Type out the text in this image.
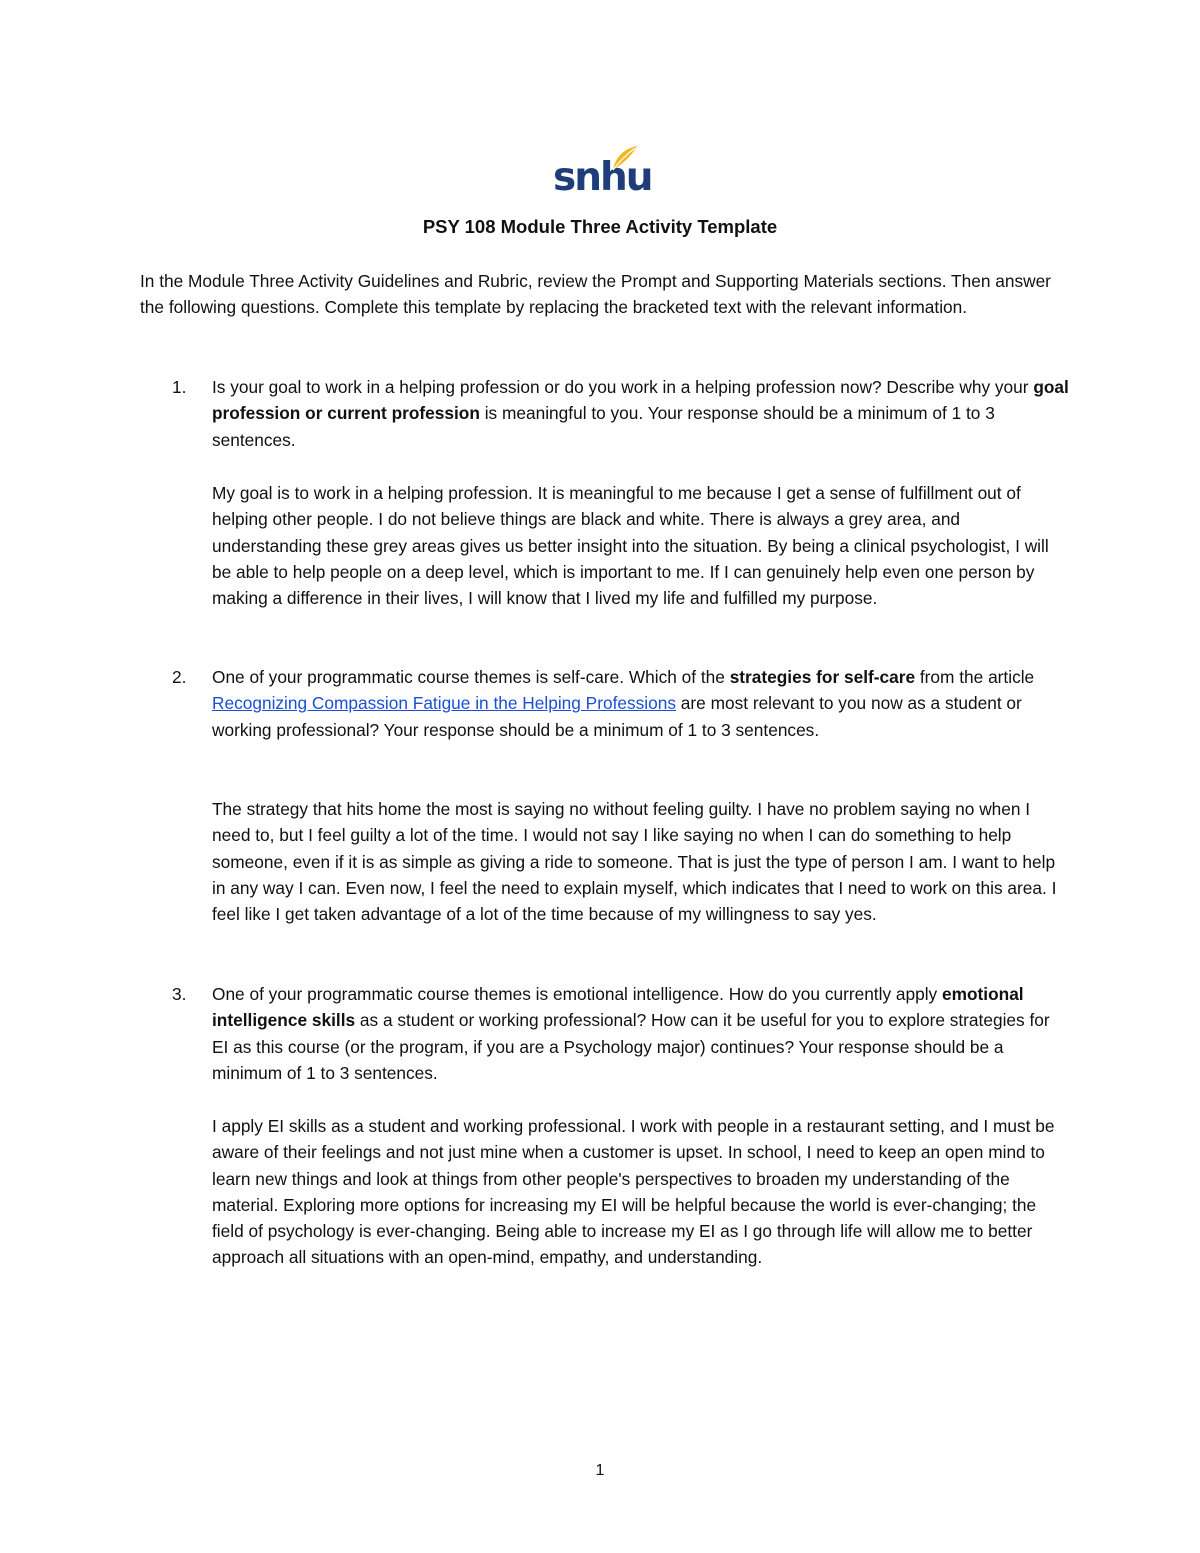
snhu
PSY 108 Module Three Activity Template
In the Module Three Activity Guidelines and Rubric, review the Prompt and Supporting Materials sections. Then answer the following questions. Complete this template by replacing the bracketed text with the relevant information.
1. Is your goal to work in a helping profession or do you work in a helping profession now? Describe why your goal profession or current profession is meaningful to you. Your response should be a minimum of 1 to 3 sentences.
My goal is to work in a helping profession. It is meaningful to me because I get a sense of fulfillment out of helping other people. I do not believe things are black and white. There is always a grey area, and understanding these grey areas gives us better insight into the situation. By being a clinical psychologist, I will be able to help people on a deep level, which is important to me. If I can genuinely help even one person by making a difference in their lives, I will know that I lived my life and fulfilled my purpose.
2. One of your programmatic course themes is self-care. Which of the strategies for self-care from the article Recognizing Compassion Fatigue in the Helping Professions are most relevant to you now as a student or working professional? Your response should be a minimum of 1 to 3 sentences.
The strategy that hits home the most is saying no without feeling guilty. I have no problem saying no when I need to, but I feel guilty a lot of the time. I would not say I like saying no when I can do something to help someone, even if it is as simple as giving a ride to someone. That is just the type of person I am. I want to help in any way I can. Even now, I feel the need to explain myself, which indicates that I need to work on this area. I feel like I get taken advantage of a lot of the time because of my willingness to say yes.
3. One of your programmatic course themes is emotional intelligence. How do you currently apply emotional intelligence skills as a student or working professional? How can it be useful for you to explore strategies for EI as this course (or the program, if you are a Psychology major) continues? Your response should be a minimum of 1 to 3 sentences.
I apply EI skills as a student and working professional. I work with people in a restaurant setting, and I must be aware of their feelings and not just mine when a customer is upset. In school, I need to keep an open mind to learn new things and look at things from other people's perspectives to broaden my understanding of the material. Exploring more options for increasing my EI will be helpful because the world is ever-changing; the field of psychology is ever-changing. Being able to increase my EI as I go through life will allow me to better approach all situations with an open-mind, empathy, and understanding.
1
